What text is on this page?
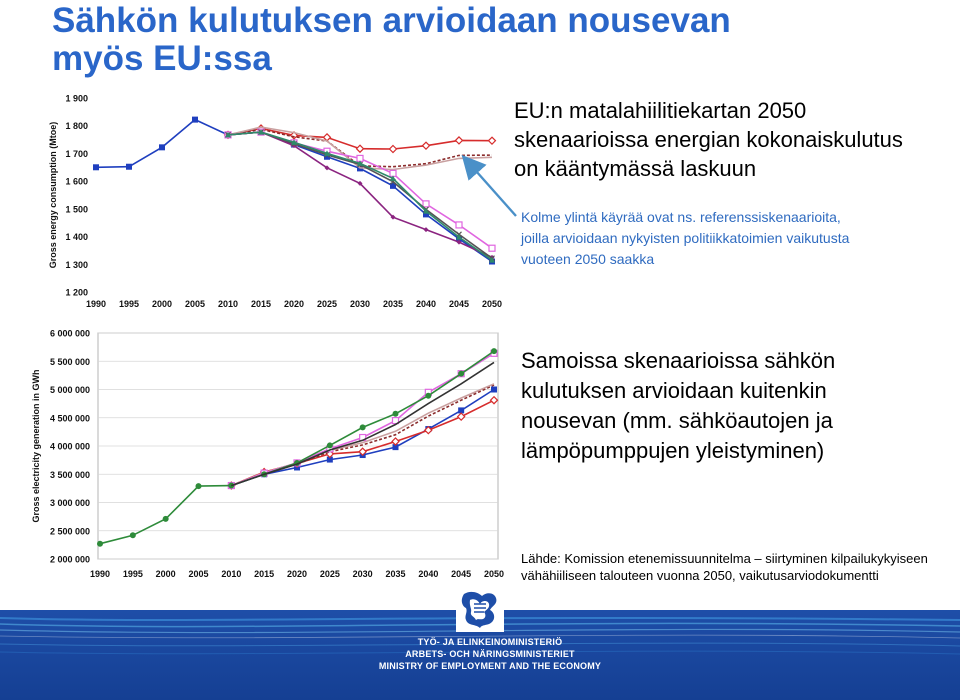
Sähkön kulutuksen arvioidaan nousevan
myös EU:ssa
1 200
1 300
1 400
1 500
1 600
1 700
1 800
1 900
1990 1995 2000 2005 2010 2015 2020 2025 2030 2035 2040 2045 2050
Gross energy consumption (Mtoe)
EU:n matalahiilitiekartan 2050
skenaarioissa energian kokonaiskulutus
on kääntymässä laskuun
Kolme ylintä käyrää ovat ns. referenssiskenaarioita,
joilla arvioidaan nykyisten politiikkatoimien vaikutusta
vuoteen 2050 saakka
2 000 000
2 500 000
3 000 000
3 500 000
4 000 000
4 500 000
5 000 000
5 500 000
6 000 000
1990 1995 2000 2005 2010 2015 2020 2025 2030 2035 2040 2045 2050
Gross electricity generation in GWh
Samoissa skenaarioissa sähkön
kulutuksen arvioidaan kuitenkin
nousevan (mm. sähköautojen ja
lämpöpumppujen yleistyminen)
Lähde: Komission etenemissuunnitelma – siirtyminen kilpailukykyiseen
vähähiiliseen talouteen vuonna 2050, vaikutusarviodokumentti
TYÖ- JA ELINKEINOMINISTERIÖ
ARBETS- OCH NÄRINGSMINISTERIET
MINISTRY OF EMPLOYMENT AND THE ECONOMY
